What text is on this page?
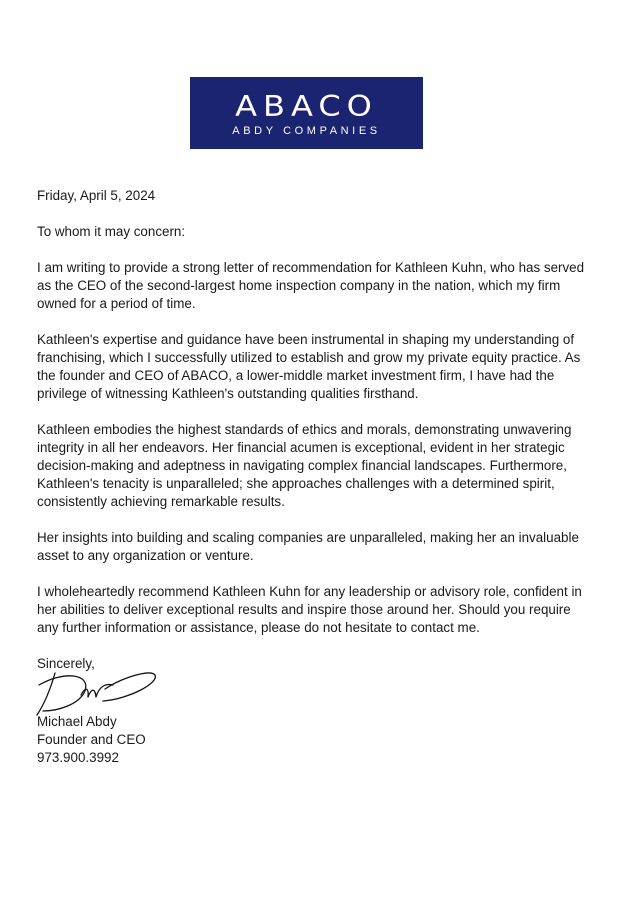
ABACO
ABDY COMPANIES

Friday, April 5, 2024

To whom it may concern:

I am writing to provide a strong letter of recommendation for Kathleen Kuhn, who has served as the CEO of the second-largest home inspection company in the nation, which my firm owned for a period of time.

Kathleen's expertise and guidance have been instrumental in shaping my understanding of franchising, which I successfully utilized to establish and grow my private equity practice. As the founder and CEO of ABACO, a lower-middle market investment firm, I have had the privilege of witnessing Kathleen's outstanding qualities firsthand.

Kathleen embodies the highest standards of ethics and morals, demonstrating unwavering integrity in all her endeavors. Her financial acumen is exceptional, evident in her strategic decision-making and adeptness in navigating complex financial landscapes. Furthermore, Kathleen's tenacity is unparalleled; she approaches challenges with a determined spirit, consistently achieving remarkable results.

Her insights into building and scaling companies are unparalleled, making her an invaluable asset to any organization or venture.

I wholeheartedly recommend Kathleen Kuhn for any leadership or advisory role, confident in her abilities to deliver exceptional results and inspire those around her. Should you require any further information or assistance, please do not hesitate to contact me.

Sincerely,

Michael Abdy

Founder and CEO

973.900.3992
